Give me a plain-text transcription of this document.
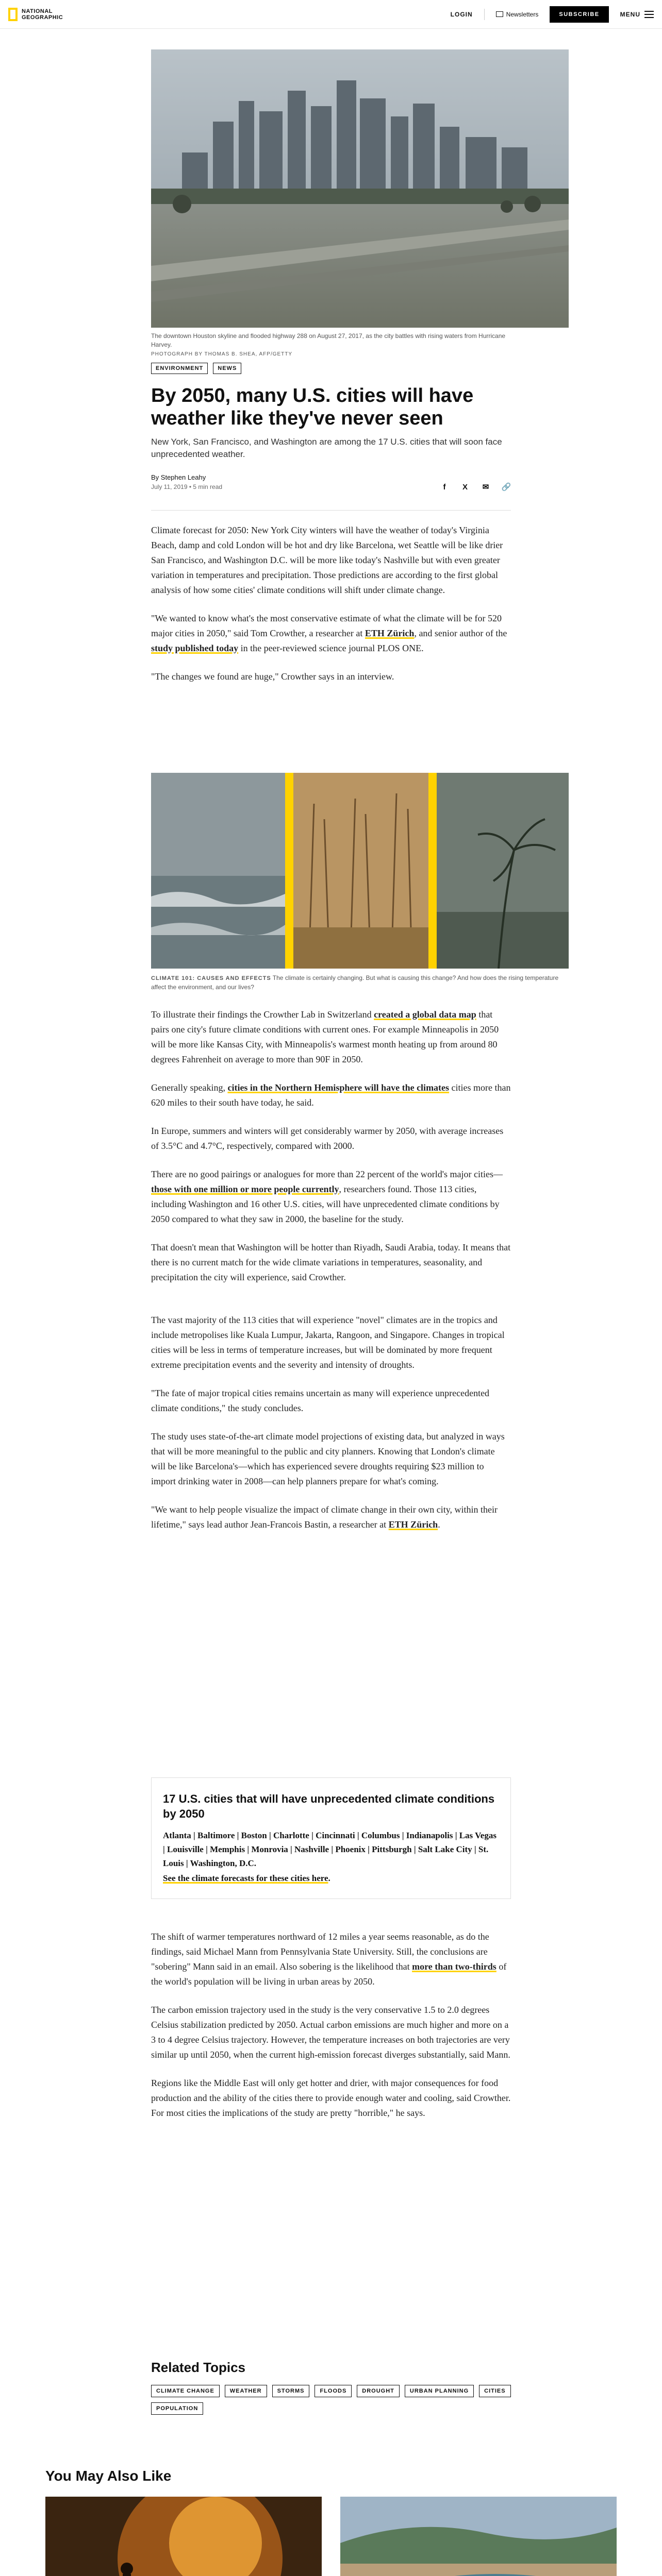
NATIONAL
GEOGRAPHIC	LOGIN	Newsletters	SUBSCRIBE	MENU
The downtown Houston skyline and flooded highway 288 on August 27, 2017, as the city battles with rising waters from Hurricane Harvey.
PHOTOGRAPH BY THOMAS B. SHEA, AFP/GETTY
ENVIRONMENT	NEWS
By 2050, many U.S. cities will have weather like they've never seen
New York, San Francisco, and Washington are among the 17 U.S. cities that will soon face unprecedented weather.
By Stephen Leahy
July 11, 2019 • 5 min read	f	X ✉ 🔗

Climate forecast for 2050: New York City winters will have the weather of today's Virginia Beach, damp and cold London will be hot and dry like Barcelona, wet Seattle will be like drier San Francisco, and Washington D.C. will be more like today's Nashville but with even greater variation in temperatures and precipitation. Those predictions are according to the first global analysis of how some cities' climate conditions will shift under climate change.

"We wanted to know what's the most conservative estimate of what the climate will be for 520 major cities in 2050," said Tom Crowther, a researcher at ETH Zürich, and senior author of the study published today in the peer-reviewed science journal PLOS ONE.

"The changes we found are huge," Crowther says in an interview.

CLIMATE 101: CAUSES AND EFFECTS The climate is certainly changing. But what is causing this change? And how does the rising temperature affect the environment, and our lives?

To illustrate their findings the Crowther Lab in Switzerland created a global data map that pairs one city's future climate conditions with current ones. For example Minneapolis in 2050 will be more like Kansas City, with Minneapolis's warmest month heating up from around 80 degrees Fahrenheit on average to more than 90F in 2050.

Generally speaking, cities in the Northern Hemisphere will have the climates cities more than 620 miles to their south have today, he said.

In Europe, summers and winters will get considerably warmer by 2050, with average increases of 3.5°C and 4.7°C, respectively, compared with 2000.

There are no good pairings or analogues for more than 22 percent of the world's major cities—those with one million or more people currently, researchers found. Those 113 cities, including Washington and 16 other U.S. cities, will have unprecedented climate conditions by 2050 compared to what they saw in 2000, the baseline for the study.

That doesn't mean that Washington will be hotter than Riyadh, Saudi Arabia, today. It means that there is no current match for the wide climate variations in temperatures, seasonality, and precipitation the city will experience, said Crowther.

The vast majority of the 113 cities that will experience "novel" climates are in the tropics and include metropolises like Kuala Lumpur, Jakarta, Rangoon, and Singapore. Changes in tropical cities will be less in terms of temperature increases, but will be dominated by more frequent extreme precipitation events and the severity and intensity of droughts.

"The fate of major tropical cities remains uncertain as many will experience unprecedented climate conditions," the study concludes.

The study uses state-of-the-art climate model projections of existing data, but analyzed in ways that will be more meaningful to the public and city planners. Knowing that London's climate will be like Barcelona's—which has experienced severe droughts requiring $23 million to import drinking water in 2008—can help planners prepare for what's coming.

"We want to help people visualize the impact of climate change in their own city, within their lifetime," says lead author Jean-Francois Bastin, a researcher at ETH Zürich.

17 U.S. cities that will have unprecedented climate conditions by 2050
Atlanta | Baltimore | Boston | Charlotte | Cincinnati | Columbus | Indianapolis | Las Vegas | Louisville | Memphis | Monrovia | Nashville | Phoenix | Pittsburgh | Salt Lake City | St. Louis | Washington, D.C.
See the climate forecasts for these cities here.

The shift of warmer temperatures northward of 12 miles a year seems reasonable, as do the findings, said Michael Mann from Pennsylvania State University. Still, the conclusions are "sobering" Mann said in an email. Also sobering is the likelihood that more than two-thirds of the world's population will be living in urban areas by 2050.

The carbon emission trajectory used in the study is the very conservative 1.5 to 2.0 degrees Celsius stabilization predicted by 2050. Actual carbon emissions are much higher and more on a 3 to 4 degree Celsius trajectory. However, the temperature increases on both trajectories are very similar up until 2050, when the current high-emission forecast diverges substantially, said Mann.

Regions like the Middle East will only get hotter and drier, with major consequences for food production and the ability of the cities there to provide enough water and cooling, said Crowther. For most cities the implications of the study are pretty "horrible," he says.

Related Topics
CLIMATE CHANGE	WEATHER	STORMS	FLOODS	DROUGHT	URBAN PLANNING	CITIES
POPULATION
You May Also Like
